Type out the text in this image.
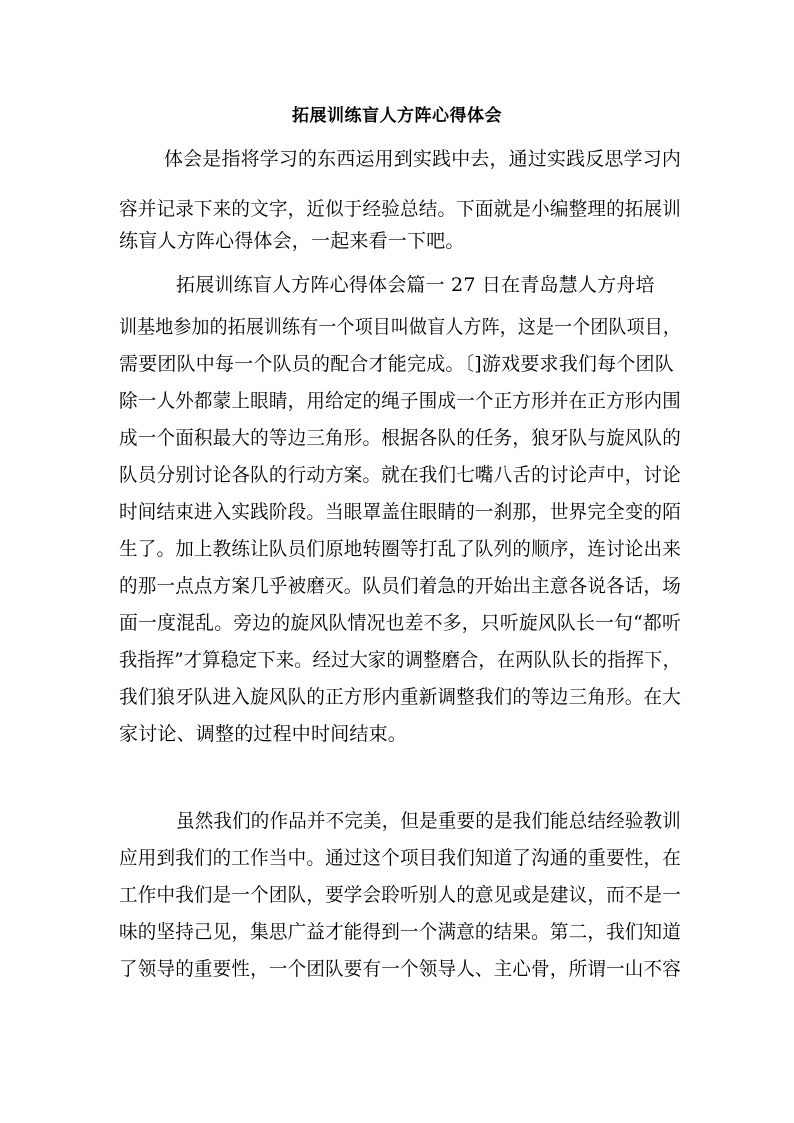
拓展训练盲人方阵心得体会
体会是指将学习的东西运用到实践中去，通过实践反思学习内
容并记录下来的文字，近似于经验总结。下面就是小编整理的拓展训
练盲人方阵心得体会，一起来看一下吧。
拓展训练盲人方阵心得体会篇一 27 日在青岛慧人方舟培
训基地参加的拓展训练有一个项目叫做盲人方阵，这是一个团队项目，
需要团队中每一个队员的配合才能完成。〔]游戏要求我们每个团队
除一人外都蒙上眼睛，用给定的绳子围成一个正方形并在正方形内围
成一个面积最大的等边三角形。根据各队的任务，狼牙队与旋风队的
队员分别讨论各队的行动方案。就在我们七嘴八舌的讨论声中，讨论
时间结束进入实践阶段。当眼罩盖住眼睛的一刹那，世界完全变的陌
生了。加上教练让队员们原地转圈等打乱了队列的顺序，连讨论出来
的那一点点方案几乎被磨灭。队员们着急的开始出主意各说各话，场
面一度混乱。旁边的旋风队情况也差不多，只听旋风队长一句“都听
我指挥”才算稳定下来。经过大家的调整磨合，在两队队长的指挥下，
我们狼牙队进入旋风队的正方形内重新调整我们的等边三角形。在大
家讨论、调整的过程中时间结束。
虽然我们的作品并不完美，但是重要的是我们能总结经验教训
应用到我们的工作当中。通过这个项目我们知道了沟通的重要性，在
工作中我们是一个团队，要学会聆听别人的意见或是建议，而不是一
味的坚持己见，集思广益才能得到一个满意的结果。第二，我们知道
了领导的重要性，一个团队要有一个领导人、主心骨，所谓一山不容
